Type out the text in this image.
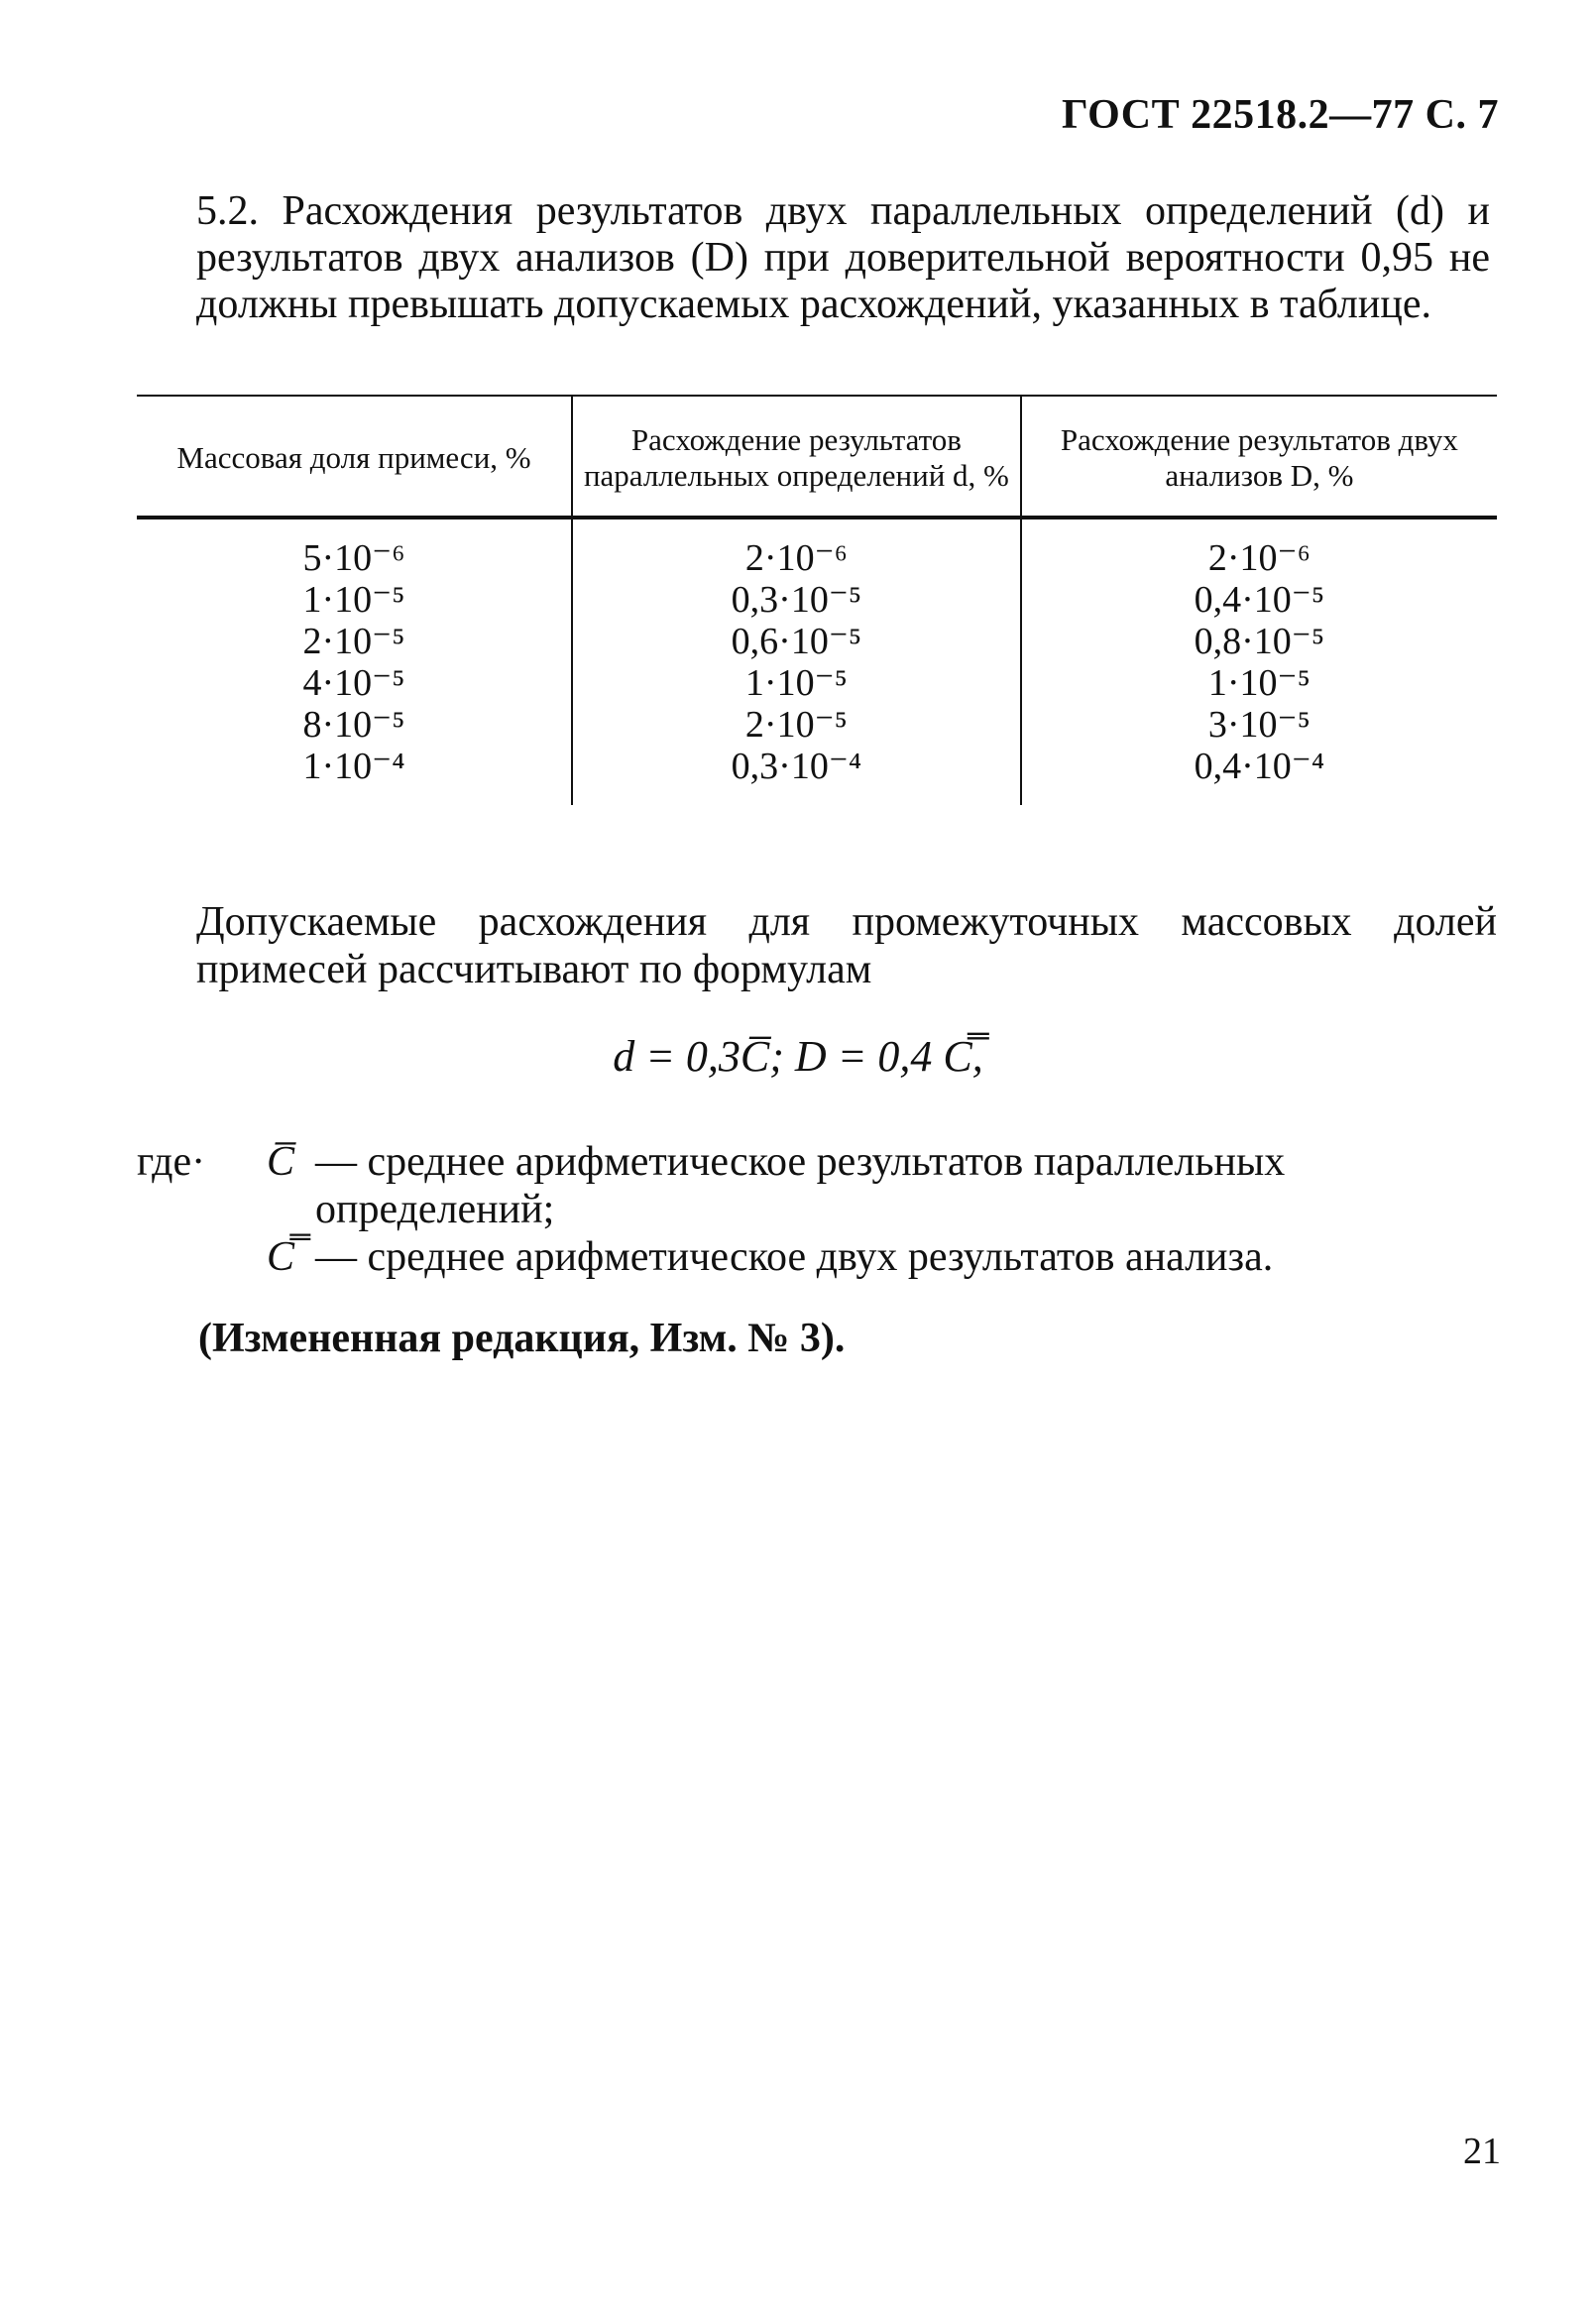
ГОСТ 22518.2—77 С. 7

5.2. Расхождения результатов двух параллельных определений (d) и результатов двух анализов (D) при доверительной вероятности 0,95 не должны превышать допускаемых расхождений, указанных в таблице.

Массовая доля примеси, %	Расхождение результатов параллельных определений d, %	Расхождение результатов двух анализов D, %
5·10⁻⁶	2·10⁻⁶	2·10⁻⁶
1·10⁻⁵	0,3·10⁻⁵	0,4·10⁻⁵
2·10⁻⁵	0,6·10⁻⁵	0,8·10⁻⁵
4·10⁻⁵	1·10⁻⁵	1·10⁻⁵
8·10⁻⁵	2·10⁻⁵	3·10⁻⁵
1·10⁻⁴	0,3·10⁻⁴	0,4·10⁻⁴

Допускаемые расхождения для промежуточных массовых долей примесей рассчитывают по формулам

d = 0,3C̅; D = 0,4 C̿,
где·	C̅ — среднее арифметическое результатов параллельных определений;
C̿ — среднее арифметическое двух результатов анализа.
(Измененная редакция, Изм. № 3).
21
